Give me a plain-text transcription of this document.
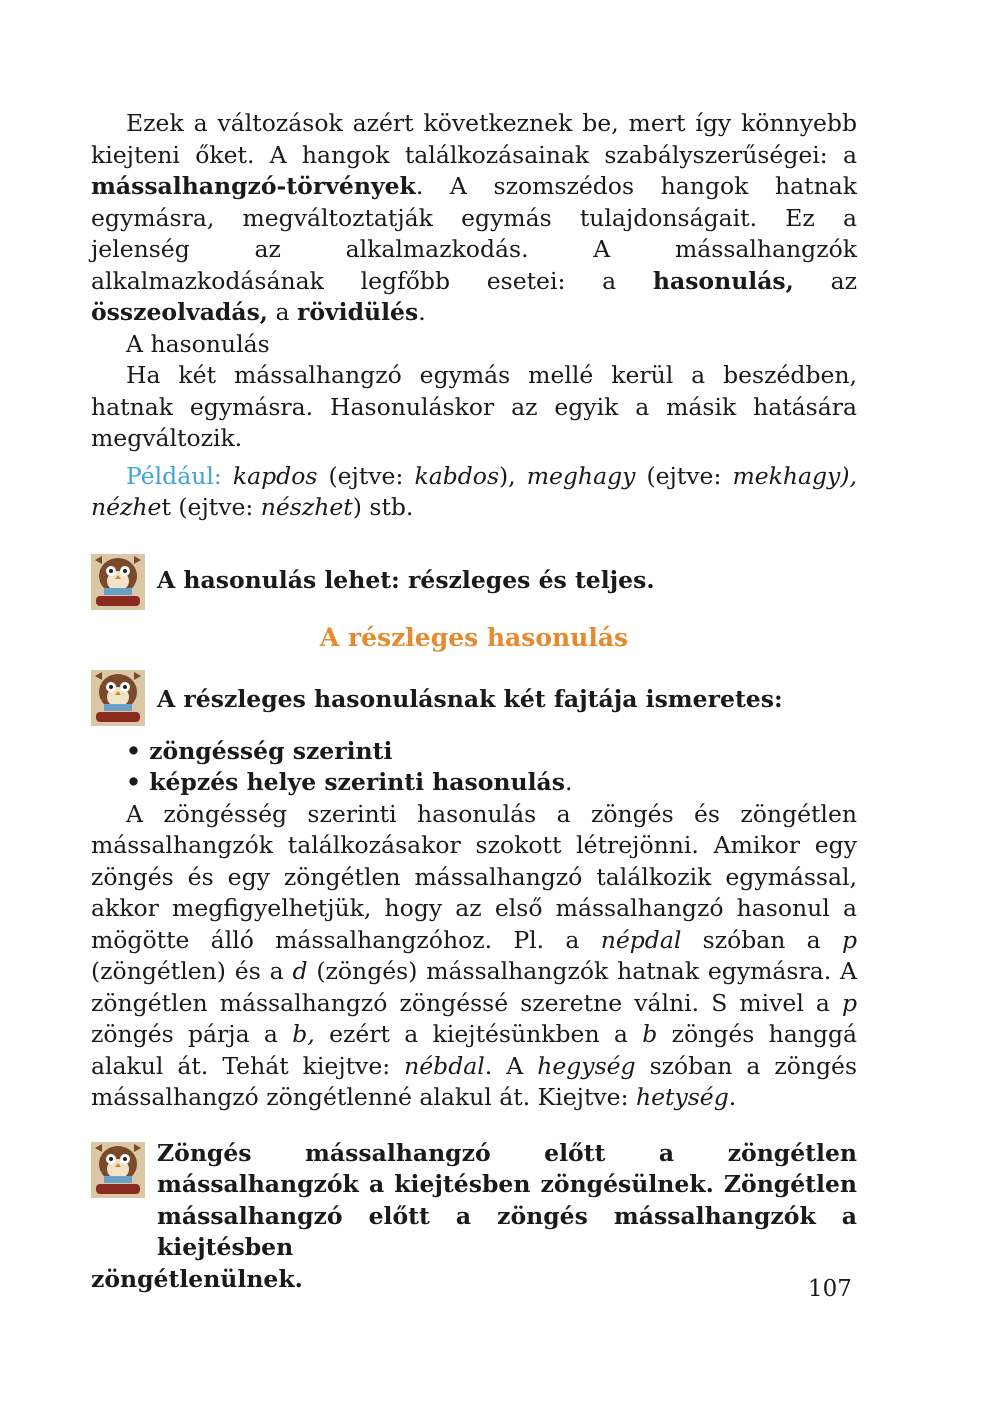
Ezek a változások azért következnek be, mert így könnyebb kiejteni őket. A hangok találkozásainak szabályszerűségei: a mássalhangzó-törvények. A szomszédos hangok hatnak egymásra, megváltoztatják egymás tulajdonságait. Ez a jelenség az alkalmazkodás. A mássalhangzók alkalmazkodásának legfőbb esetei: a hasonulás, az összeolvadás, a rövidülés.

A hasonulás

Ha két mássalhangzó egymás mellé kerül a beszédben, hatnak egymásra. Hasonuláskor az egyik a másik hatására megváltozik.

Például: kapdos (ejtve: kabdos), meghagy (ejtve: mekhagy), nézhet (ejtve: nészhet) stb.

A hasonulás lehet: részleges és teljes.

A részleges hasonulás

A részleges hasonulásnak két fajtája ismeretes:

• zöngésség szerinti
• képzés helye szerinti hasonulás.

A zöngésség szerinti hasonulás a zöngés és zöngétlen mássalhangzók találkozásakor szokott létrejönni. Amikor egy zöngés és egy zöngétlen mássalhangzó találkozik egymással, akkor megfigyelhetjük, hogy az első mássalhangzó hasonul a mögötte álló mássalhangzóhoz. Pl. a népdal szóban a p (zöngétlen) és a d (zöngés) mássalhangzók hatnak egymásra. A zöngétlen mássalhangzó zöngéssé szeretne válni. S mivel a p zöngés párja a b, ezért a kiejtésünkben a b zöngés hanggá alakul át. Tehát kiejtve: nébdal. A hegység szóban a zöngés mássalhangzó zöngétlenné alakul át. Kiejtve: hetység.

Zöngés mássalhangzó előtt a zöngétlen mássalhangzók a kiejtésben zöngésülnek. Zöngétlen mássalhangzó előtt a zöngés mássalhangzók a kiejtésben
zöngétlenülnek.	107
